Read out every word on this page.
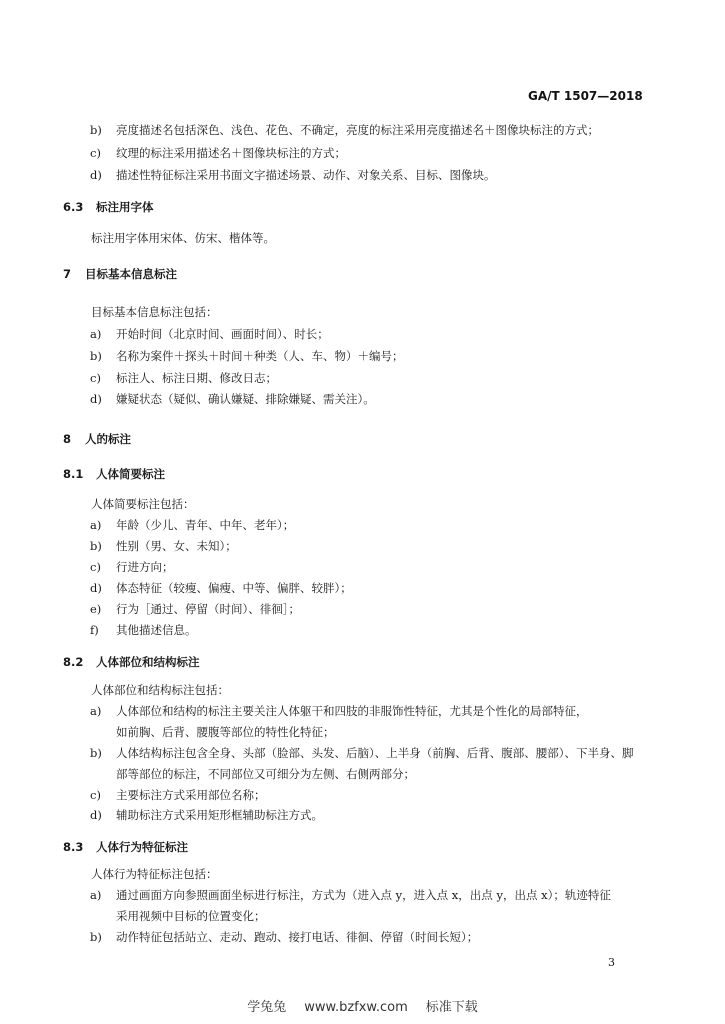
GA/T 1507—2018
b)	亮度描述名包括深色、浅色、花色、不确定，亮度的标注采用亮度描述名＋图像块标注的方式；
c)	纹理的标注采用描述名＋图像块标注的方式；
d)	描述性特征标注采用书面文字描述场景、动作、对象关系、目标、图像块。
6.3	标注用字体
标注用字体用宋体、仿宋、楷体等。
7	目标基本信息标注
目标基本信息标注包括：
a)	开始时间（北京时间、画面时间）、时长；
b)	名称为案件＋探头＋时间＋种类（人、车、物）＋编号；
c)	标注人、标注日期、修改日志；
d)	嫌疑状态（疑似、确认嫌疑、排除嫌疑、需关注）。
8	人的标注
8.1	人体简要标注
人体简要标注包括：
a)	年龄（少儿、青年、中年、老年）；
b)	性别（男、女、未知）；
c)	行进方向；
d)	体态特征（较瘦、偏瘦、中等、偏胖、较胖）；
e)	行为［通过、停留（时间）、徘徊］；
f)	其他描述信息。
8.2	人体部位和结构标注
人体部位和结构标注包括：
a)	人体部位和结构的标注主要关注人体躯干和四肢的非服饰性特征，尤其是个性化的局部特征，
如前胸、后背、腰腹等部位的特性化特征；
b)	人体结构标注包含全身、头部（脸部、头发、后脑）、上半身（前胸、后背、腹部、腰部）、下半身、脚
部等部位的标注，不同部位又可细分为左侧、右侧两部分；
c)	主要标注方式采用部位名称；
d)	辅助标注方式采用矩形框辅助标注方式。
8.3	人体行为特征标注
人体行为特征标注包括：
a)	通过画面方向参照画面坐标进行标注，方式为（进入点 y，进入点 x，出点 y，出点 x）；轨迹特征
采用视频中目标的位置变化；
b)	动作特征包括站立、走动、跑动、接打电话、徘徊、停留（时间长短）；
3
学兔兔 www.bzfxw.com 标准下载
